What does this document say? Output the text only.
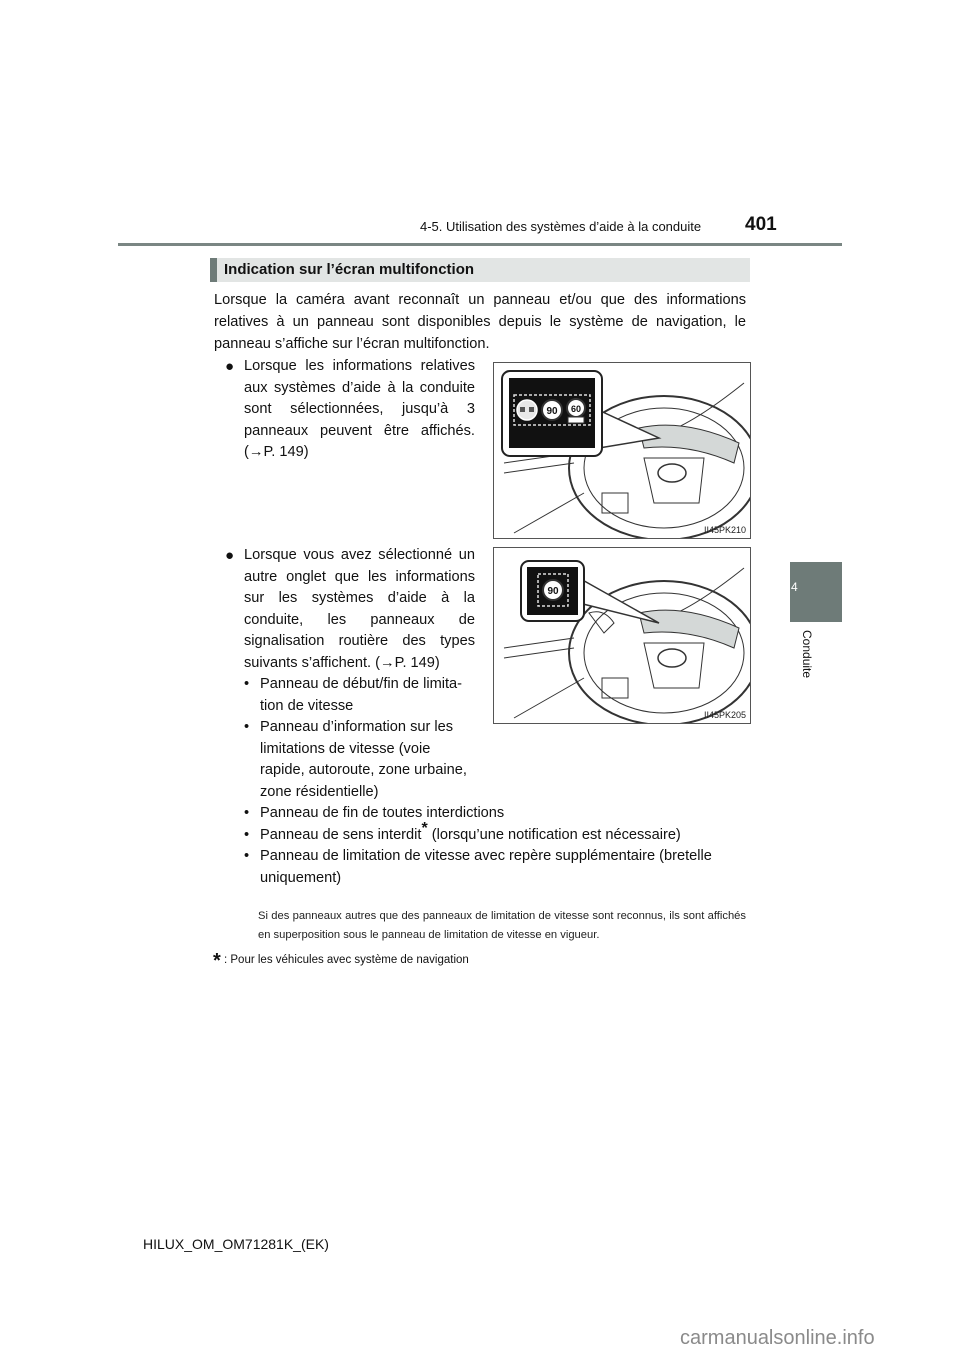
4-5. Utilisation des systèmes d’aide à la conduite 401
4
Conduite
Indication sur l’écran multifonction
Lorsque la caméra avant reconnaît un panneau et/ou que des informations relatives à un panneau sont disponibles depuis le système de navigation, le panneau s’affiche sur l’écran multifonction.
● Lorsque les informations relatives aux systèmes d’aide à la conduite sont sélectionnées, jusqu’à 3 panneaux peuvent être affichés. (→P. 149)
90 60
II45PK210
● Lorsque vous avez sélectionné un autre onglet que les informations sur les systèmes d’aide à la conduite, les panneaux de signalisation routière des types suivants s’affichent. (→P. 149)
90
II45PK205
• Panneau de début/fin de limita-
tion de vitesse
• Panneau d’information sur les
limitations de vitesse (voie
rapide, autoroute, zone urbaine,
zone résidentielle)
• Panneau de fin de toutes interdictions
• Panneau de sens interdit* (lorsqu’une notification est nécessaire)
• Panneau de limitation de vitesse avec repère supplémentaire (bretelle
uniquement)
Si des panneaux autres que des panneaux de limitation de vitesse sont reconnus, ils sont affichés en superposition sous le panneau de limitation de vitesse en vigueur.
* : Pour les véhicules avec système de navigation
HILUX_OM_OM71281K_(EK)
carmanualsonline.info
